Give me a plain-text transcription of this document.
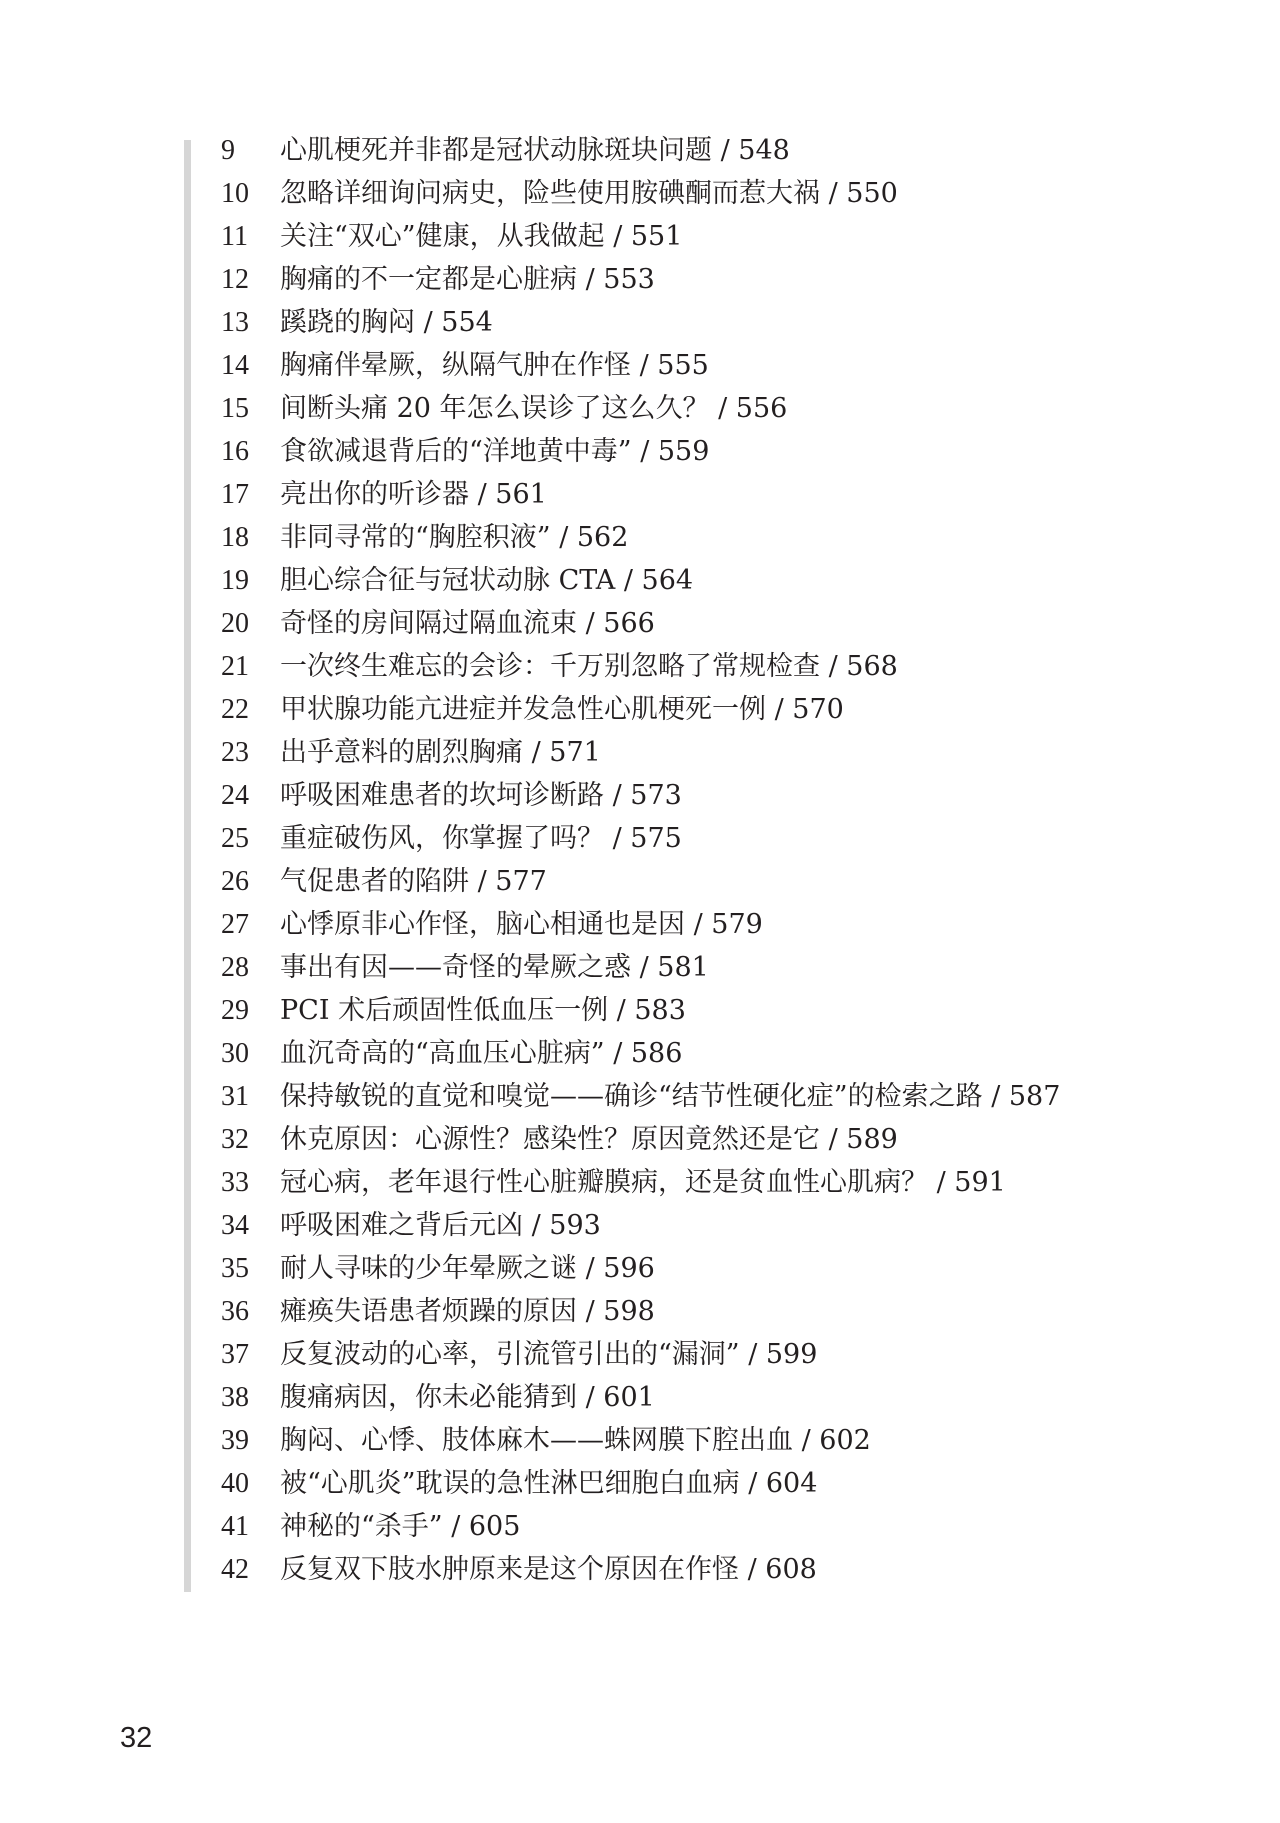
9 心肌梗死并非都是冠状动脉斑块问题 / 548
10 忽略详细询问病史，险些使用胺碘酮而惹大祸 / 550
11 关注“双心”健康，从我做起 / 551
12 胸痛的不一定都是心脏病 / 553
13 蹊跷的胸闷 / 554
14 胸痛伴晕厥，纵隔气肿在作怪 / 555
15 间断头痛 20 年怎么误诊了这么久？ / 556
16 食欲减退背后的“洋地黄中毒” / 559
17 亮出你的听诊器 / 561
18 非同寻常的“胸腔积液” / 562
19 胆心综合征与冠状动脉 CTA / 564
20 奇怪的房间隔过隔血流束 / 566
21 一次终生难忘的会诊：千万别忽略了常规检查 / 568
22 甲状腺功能亢进症并发急性心肌梗死一例 / 570
23 出乎意料的剧烈胸痛 / 571
24 呼吸困难患者的坎坷诊断路 / 573
25 重症破伤风，你掌握了吗？ / 575
26 气促患者的陷阱 / 577
27 心悸原非心作怪，脑心相通也是因 / 579
28 事出有因——奇怪的晕厥之惑 / 581
29 PCI 术后顽固性低血压一例 / 583
30 血沉奇高的“高血压心脏病” / 586
31 保持敏锐的直觉和嗅觉——确诊“结节性硬化症”的检索之路 / 587
32 休克原因：心源性？感染性？原因竟然还是它 / 589
33 冠心病，老年退行性心脏瓣膜病，还是贫血性心肌病？ / 591
34 呼吸困难之背后元凶 / 593
35 耐人寻味的少年晕厥之谜 / 596
36 瘫痪失语患者烦躁的原因 / 598
37 反复波动的心率，引流管引出的“漏洞” / 599
38 腹痛病因，你未必能猜到 / 601
39 胸闷、心悸、肢体麻木——蛛网膜下腔出血 / 602
40 被“心肌炎”耽误的急性淋巴细胞白血病 / 604
41 神秘的“杀手” / 605
42 反复双下肢水肿原来是这个原因在作怪 / 608
32
